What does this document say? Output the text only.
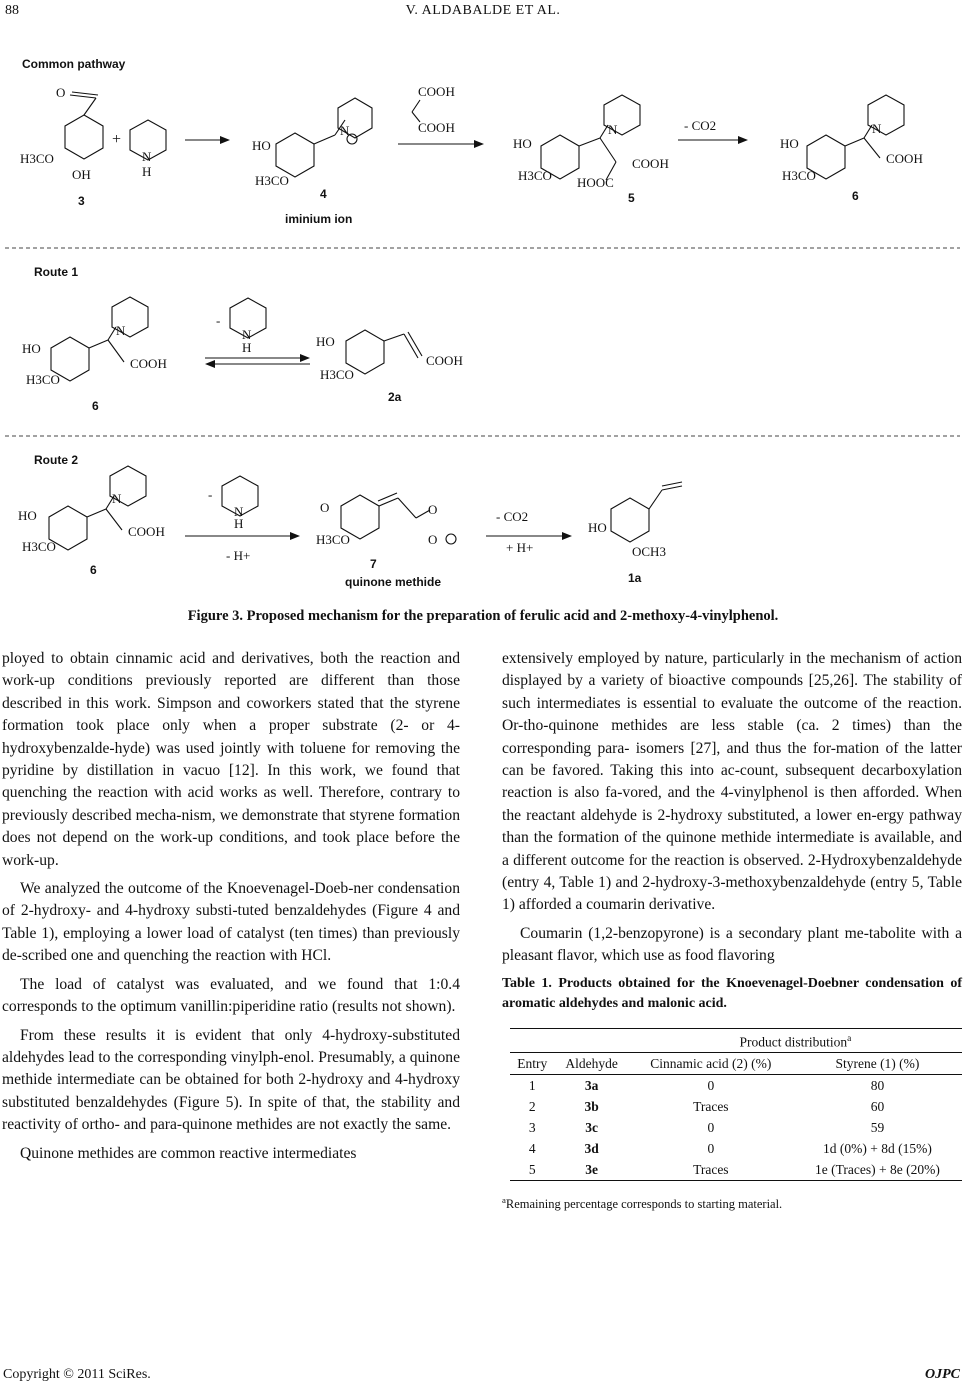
88	V. ALDABALDE ET AL.
Common pathway
O
H3CO
OH
3
+
N
H
N
HO
H3CO
4
iminium ion
COOH
COOH	N
COOH
HOOC
HO
H3CO
5
- CO2	N
COOH
HO
H3CO
6
Route 1
N
COOH
HO
H3CO
6
-
N
H
COOH
HO
H3CO
2a
Route 2
N
COOH
HO
H3CO
6
-
N
H
- H+
O
O
O
H3CO
7
quinone methide
- CO2
+ H+
HO
OCH3
1a
Figure 3. Proposed mechanism for the preparation of ferulic acid and 2-methoxy-4-vinylphenol.

ployed to obtain cinnamic acid and derivatives, both the reaction and work-up conditions previously reported are different than those described in this work. Simpson and coworkers stated that the styrene formation took place only when a proper substrate (2- or 4-hydroxybenzalde-hyde) was used jointly with toluene for removing the pyridine by distillation in vacuo [12]. In this work, we found that quenching the reaction with acid works as well. Therefore, contrary to previously described mecha-nism, we demonstrate that styrene formation does not depend on the work-up conditions, and took place before the work-up.

We analyzed the outcome of the Knoevenagel-Doeb-ner condensation of 2-hydroxy- and 4-hydroxy substi-tuted benzaldehydes (Figure 4 and Table 1), employing a lower load of catalyst (ten times) than previously de-scribed one and quenching the reaction with HCl.

The load of catalyst was evaluated, and we found that 1:0.4 corresponds to the optimum vanillin:piperidine ratio (results not shown).

From these results it is evident that only 4-hydroxy-substituted aldehydes lead to the corresponding vinylph-enol. Presumably, a quinone methide intermediate can be obtained for both 2-hydroxy and 4-hydroxy substituted benzaldehydes (Figure 5). In spite of that, the stability and reactivity of ortho- and para-quinone methides are not exactly the same.

Quinone methides are common reactive intermediates

extensively employed by nature, particularly in the mechanism of action displayed by a variety of bioactive compounds [25,26]. The stability of such intermediates is essential to evaluate the outcome of the reaction. Or-tho-quinone methides are less stable (ca. 2 times) than the corresponding para- isomers [27], and thus the for-mation of the latter can be favored. Taking this into ac-count, subsequent decarboxylation reaction is also fa-vored, and the 4-vinylphenol is then afforded. When the reactant aldehyde is 2-hydroxy substituted, a lower en-ergy pathway than the formation of the quinone methide intermediate is available, and a different outcome for the reaction is observed. 2-Hydroxybenzaldehyde (entry 4, Table 1) and 2-hydroxy-3-methoxybenzaldehyde (entry 5, Table 1) afforded a coumarin derivative.

Coumarin (1,2-benzopyrone) is a secondary plant me-tabolite with a pleasant flavor, which use as food flavoring

Table 1. Products obtained for the Knoevenagel-Doebner condensation of aromatic aldehydes and malonic acid.
		Product distribution$^a$
Entry	Aldehyde	Cinnamic acid (2) (%)	Styrene (1) (%)
1	3a	0	80
2	3b	Traces	60
3	3c	0	59
4	3d	0	1d (0%) + 8d (15%)
5	3e	Traces	1e (Traces) + 8e (20%)
$^a$Remaining percentage corresponds to starting material.
Copyright © 2011 SciRes.	OJPC
